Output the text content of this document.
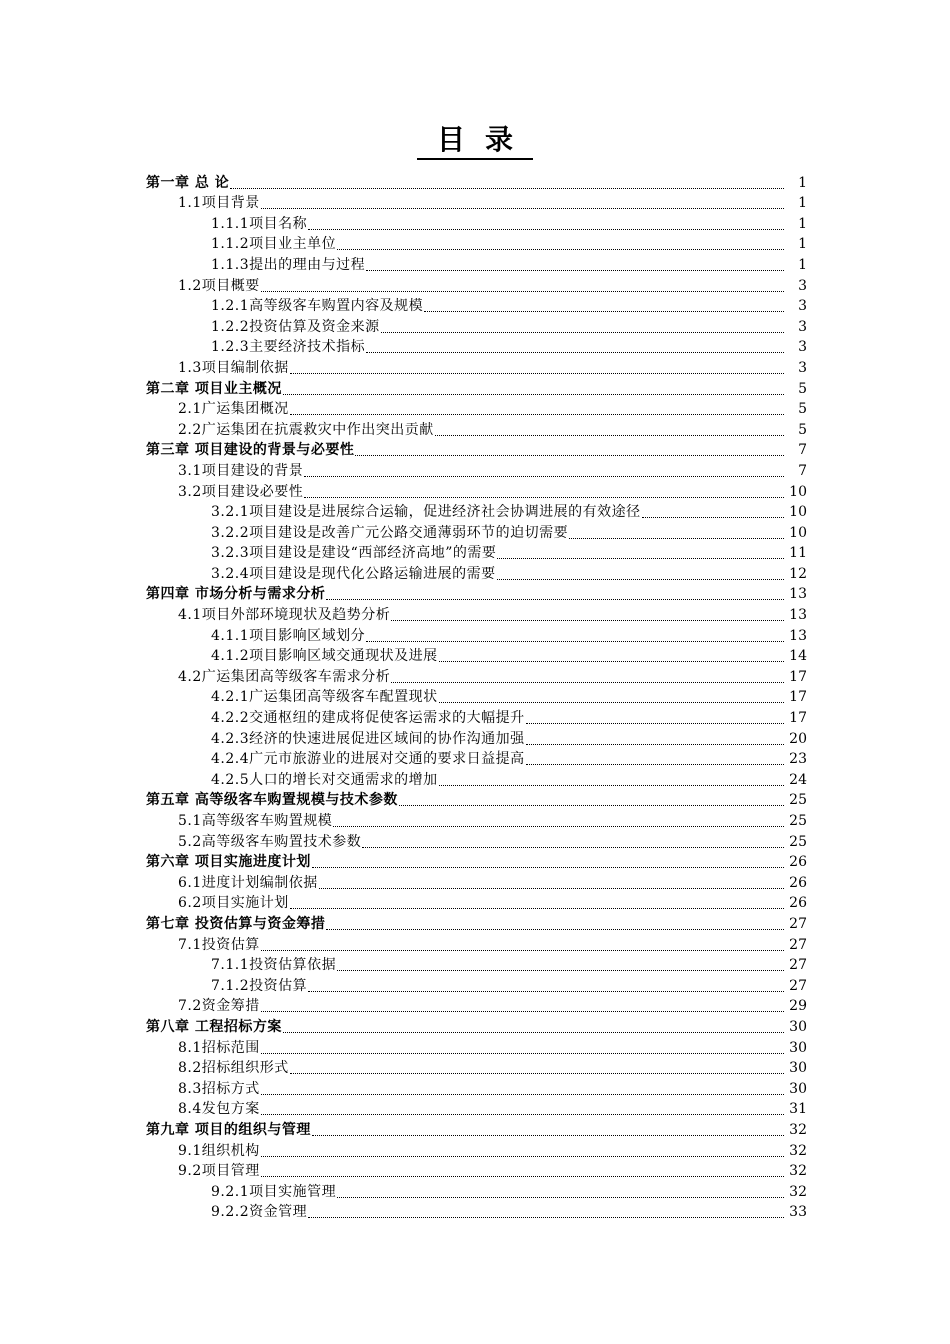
目录
第一章 总 论	1
1.1项目背景	1
1.1.1项目名称	1
1.1.2项目业主单位	1
1.1.3提出的理由与过程	1
1.2项目概要	3
1.2.1高等级客车购置内容及规模	3
1.2.2投资估算及资金来源	3
1.2.3主要经济技术指标	3
1.3项目编制依据	3
第二章 项目业主概况	5
2.1广运集团概况	5
2.2广运集团在抗震救灾中作出突出贡献	5
第三章 项目建设的背景与必要性	7
3.1项目建设的背景	7
3.2项目建设必要性	10
3.2.1项目建设是进展综合运输，促进经济社会协调进展的有效途径	10
3.2.2项目建设是改善广元公路交通薄弱环节的迫切需要	10
3.2.3项目建设是建设“西部经济高地”的需要	11
3.2.4项目建设是现代化公路运输进展的需要	12
第四章 市场分析与需求分析	13
4.1项目外部环境现状及趋势分析	13
4.1.1项目影响区域划分	13
4.1.2项目影响区域交通现状及进展	14
4.2广运集团高等级客车需求分析	17
4.2.1广运集团高等级客车配置现状	17
4.2.2交通枢纽的建成将促使客运需求的大幅提升	17
4.2.3经济的快速进展促进区域间的协作沟通加强	20
4.2.4广元市旅游业的进展对交通的要求日益提高	23
4.2.5人口的增长对交通需求的增加	24
第五章 高等级客车购置规模与技术参数	25
5.1高等级客车购置规模	25
5.2高等级客车购置技术参数	25
第六章 项目实施进度计划	26
6.1进度计划编制依据	26
6.2项目实施计划	26
第七章 投资估算与资金筹措	27
7.1投资估算	27
7.1.1投资估算依据	27
7.1.2投资估算	27
7.2资金筹措	29
第八章 工程招标方案	30
8.1招标范围	30
8.2招标组织形式	30
8.3招标方式	30
8.4发包方案	31
第九章 项目的组织与管理	32
9.1组织机构	32
9.2项目管理	32
9.2.1项目实施管理	32
9.2.2资金管理	33
